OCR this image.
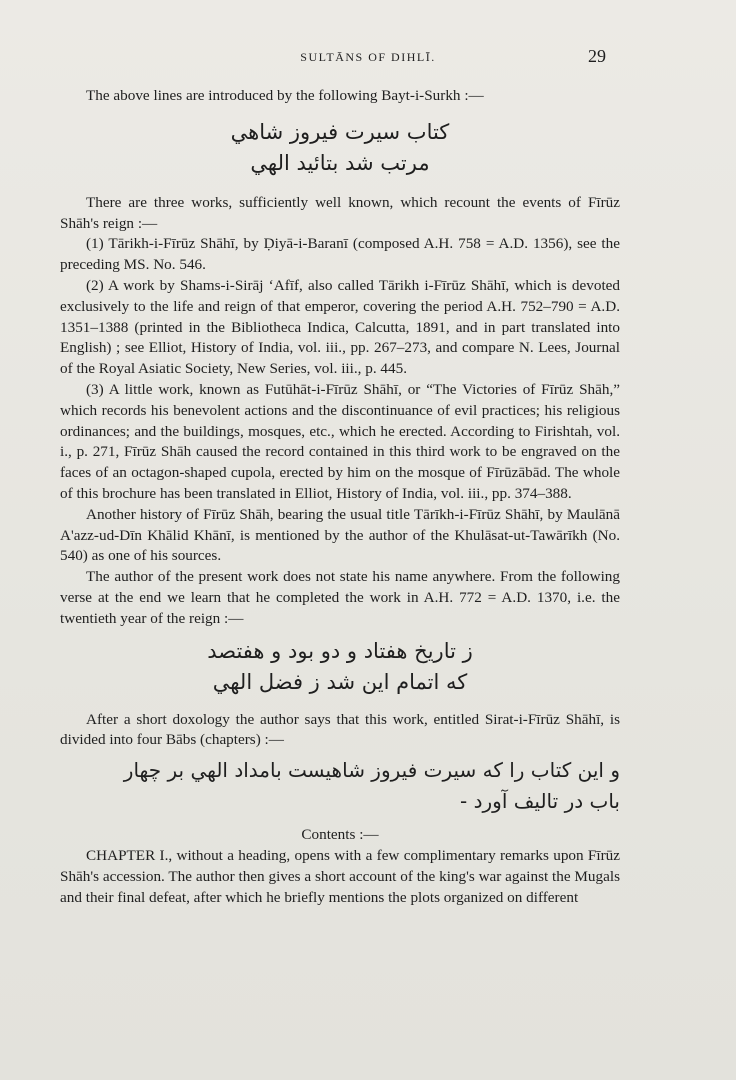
SULTĀNS OF DIHLĪ.	29

The above lines are introduced by the following Bayt-i-Surkh :—

کتاب سیرت فیروز شاهي
مرتب شد بتائید الهي

There are three works, sufficiently well known, which recount the events of Fīrūz Shāh's reign :—

(1) Tārikh-i-Fīrūz Shāhī, by Ḍiyā-i-Baranī (composed A.H. 758 = A.D. 1356), see the preceding MS. No. 546.

(2) A work by Shams-i-Sirāj ‘Afīf, also called Tārikh i-Fīrūz Shāhī, which is devoted exclusively to the life and reign of that emperor, covering the period A.H. 752–790 = A.D. 1351–1388 (printed in the Bibliotheca Indica, Calcutta, 1891, and in part translated into English) ; see Elliot, History of India, vol. iii., pp. 267–273, and compare N. Lees, Journal of the Royal Asiatic Society, New Series, vol. iii., p. 445.

(3) A little work, known as Futūhāt-i-Fīrūz Shāhī, or “The Victories of Fīrūz Shāh,” which records his benevolent actions and the discontinuance of evil practices; his religious ordinances; and the buildings, mosques, etc., which he erected. According to Firishtah, vol. i., p. 271, Fīrūz Shāh caused the record contained in this third work to be engraved on the faces of an octagon-shaped cupola, erected by him on the mosque of Fīrūzābād. The whole of this brochure has been translated in Elliot, History of India, vol. iii., pp. 374–388.

Another history of Fīrūz Shāh, bearing the usual title Tārīkh-i-Fīrūz Shāhī, by Maulānā A'azz-ud-Dīn Khālid Khānī, is mentioned by the author of the Khulāsat-ut-Tawārīkh (No. 540) as one of his sources.

The author of the present work does not state his name anywhere. From the following verse at the end we learn that he completed the work in A.H. 772 = A.D. 1370, i.e. the twentieth year of the reign :—

ز تاریخ هفتاد و دو بود و هفتصد
که اتمام این شد ز فضل الهي

After a short doxology the author says that this work, entitled Sirat-i-Fīrūz Shāhī, is divided into four Bābs (chapters) :—

و این کتاب را که سیرت فیروز شاهیست بامداد الهي بر چهار
باب در تالیف آورد -

Contents :—

CHAPTER I., without a heading, opens with a few complimentary remarks upon Fīrūz Shāh's accession. The author then gives a short account of the king's war against the Mugals and their final defeat, after which he briefly mentions the plots organized on different
